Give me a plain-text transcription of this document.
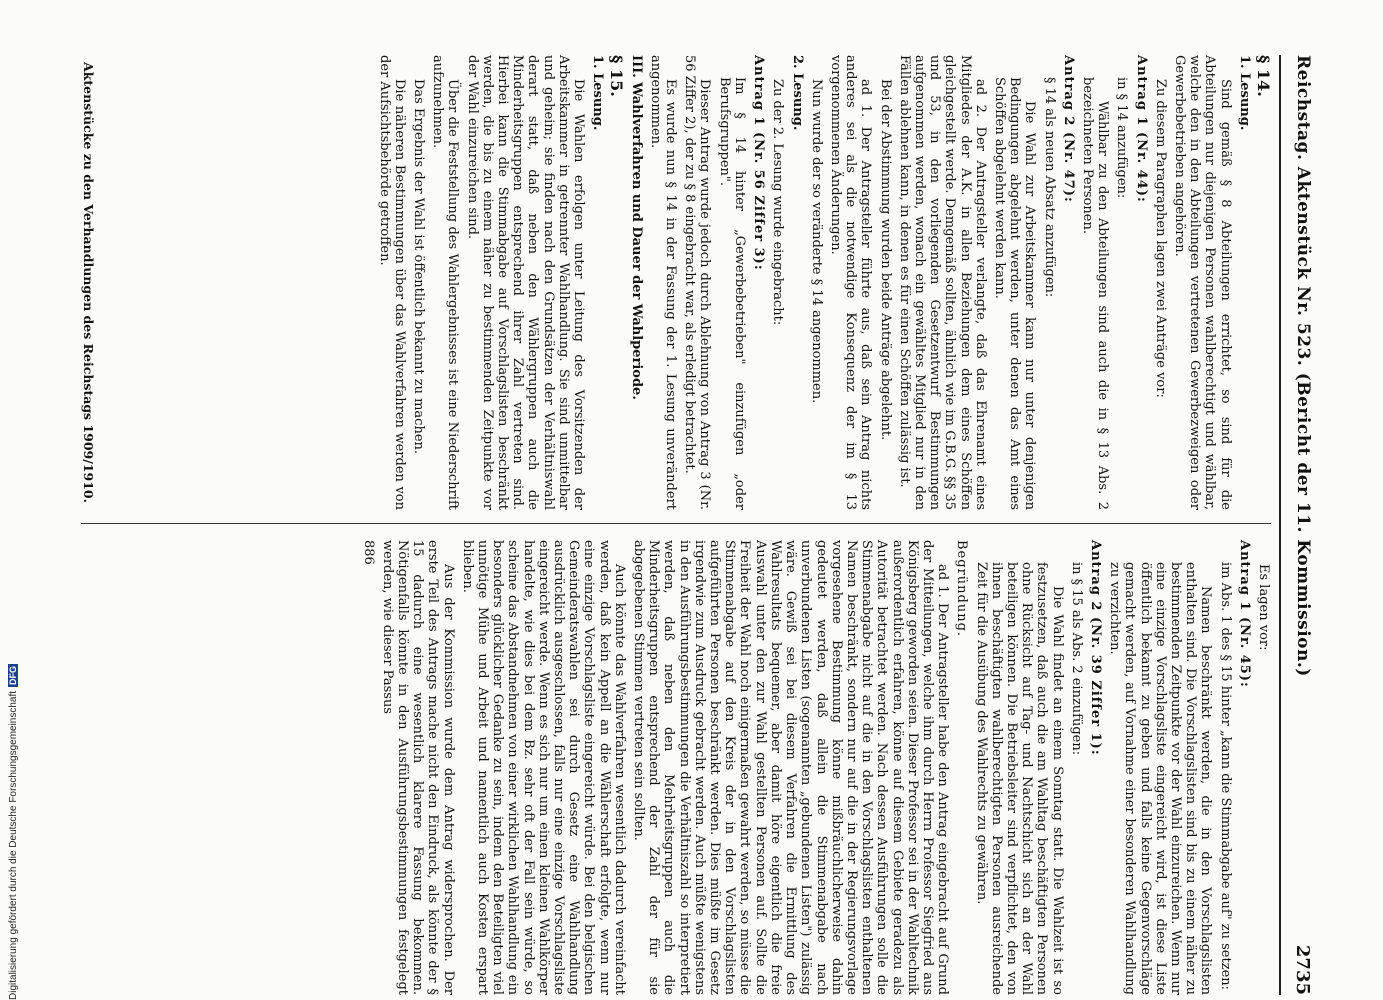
Reichstag. Aktenstück Nr. 523. (Bericht der 11. Kommission.)
2735

§ 14.

1. Lesung.

Sind gemäß § 8 Abteilungen errichtet, so sind für die Abteilungen nur diejenigen Personen wahlberechtigt und wählbar, welche den in den Abteilungen vertretenen Gewerbezweigen oder Gewerbebetrieben angehören.

Zu diesem Paragraphen lagen zwei Anträge vor:

Antrag 1 (Nr. 44):

in § 14 anzufügen:

Wählbar zu den Abteilungen sind auch die in § 13 Abs. 2 bezeichneten Personen.

Antrag 2 (Nr. 47):

§ 14 als neuen Absatz anzufügen:

Die Wahl zur Arbeitskammer kann nur unter denjenigen Bedingungen abgelehnt werden, unter denen das Amt eines Schöffen abgelehnt werden kann.

ad 2. Der Antragsteller verlangte, daß das Ehrenamt eines Mitgliedes der A.K. in allen Beziehungen dem eines Schöffen gleichgestellt werde. Demgemäß sollten, ähnlich wie im G.B.G. §§ 35 und 53, in den vorliegenden Gesetzentwurf Bestimmungen aufgenommen werden, wonach ein gewähltes Mitglied nur in den Fällen ablehnen kann, in denen es für einen Schöffen zulässig ist.

Bei der Abstimmung wurden beide Anträge abgelehnt.

ad 1. Der Antragsteller führte aus, daß sein Antrag nichts anderes sei als die notwendige Konsequenz der im § 13 vorgenommenen Änderungen.

Nun wurde der so veränderte § 14 angenommen.

2. Lesung.

Zu der 2. Lesung wurde eingebracht:

Antrag 1 (Nr. 56 Ziffer 3):

Im § 14 hinter „Gewerbebetrieben" einzufügen „oder Berufsgruppen".

Dieser Antrag wurde jedoch durch Ablehnung von Antrag 3 (Nr. 56 Ziffer 2), der zu § 8 eingebracht war, als erledigt betrachtet.

Es wurde nun § 14 in der Fassung der 1. Lesung unverändert angenommen.

III. Wahlverfahren und Dauer der Wahlperiode.

§ 15.

1. Lesung.

Die Wahlen erfolgen unter Leitung des Vorsitzenden der Arbeitskammer in getrennter Wahlhandlung. Sie sind unmittelbar und geheim; sie finden nach den Grundsätzen der Verhältniswahl derart statt, daß neben den Wählergruppen auch die Minderheitsgruppen entsprechend ihrer Zahl vertreten sind. Hierbei kann die Stimmabgabe auf Vorschlagslisten beschränkt werden, die bis zu einem näher zu bestimmenden Zeitpunkte vor der Wahl einzureichen sind.

Über die Feststellung des Wahlergebnisses ist eine Niederschrift aufzunehmen.

Das Ergebnis der Wahl ist öffentlich bekannt zu machen.

Die näheren Bestimmungen über das Wahlverfahren werden von der Aufsichtsbehörde getroffen.

Aktenstücke zu den Verhandlungen des Reichstags 1909/1910.

Es lagen vor:

Antrag 1 (Nr. 45):

im Abs. 1 des § 15 hinter „kann die Stimmabgabe auf" zu setzen:

Namen beschränkt werden, die in den Vorschlagslisten enthalten sind. Die Vorschlagslisten sind bis zu einem näher zu bestimmenden Zeitpunkte vor der Wahl einzureichen. Wenn nur eine einzige Vorschlagsliste eingereicht wird, ist diese Liste öffentlich bekannt zu geben und falls keine Gegenvorschläge gemacht werden, auf Vornahme einer besonderen Wahlhandlung zu verzichten.

Antrag 2 (Nr. 39 Ziffer 1):

in § 15 als Abs. 2 einzufügen:

Die Wahl findet an einem Sonntag statt. Die Wahlzeit ist so festzusetzen, daß auch die am Wahltag beschäftigten Personen ohne Rücksicht auf Tag- und Nachtschicht sich an der Wahl beteiligen können. Die Betriebsleiter sind verpflichtet, den von ihnen beschäftigten wahlberechtigten Personen ausreichende Zeit für die Ausübung des Wahlrechts zu gewähren.

Begründung.

ad 1. Der Antragsteller habe den Antrag eingebracht auf Grund der Mitteilungen, welche ihm durch Herrn Professor Siegfried aus Königsberg geworden seien. Dieser Professor sei in der Wahltechnik außerordentlich erfahren, könne auf diesem Gebiete geradezu als Autorität betrachtet werden. Nach dessen Ausführungen solle die Stimmenabgabe nicht auf die in den Vorschlagslisten enthaltenen Namen beschränkt, sondern nur auf die in der Regierungsvorlage vorgesehene Bestimmung könne mißbräuchlicherweise dahin gedeutet werden, daß allein die Stimmenabgabe nach unverbundenen Listen (sogenannten „gebundenen Listen") zulässig wäre. Gewiß sei bei diesem Verfahren die Ermittlung des Wahlresultats bequemer, aber damit höre eigentlich die freie Auswahl unter den zur Wahl gestellten Personen auf. Sollte die Freiheit der Wahl noch einigermaßen gewahrt werden, so müsse die Stimmenabgabe auf den Kreis der in den Vorschlagslisten aufgeführten Personen beschränkt werden. Dies müßte im Gesetz irgendwie zum Ausdruck gebracht werden. Auch müßte wenigstens in den Ausführungsbestimmungen die Verhältniszahl so interpretiert werden, daß neben den Mehrheitsgruppen auch die Minderheitsgruppen entsprechend der Zahl der für sie abgegebenen Stimmen vertreten sein sollten.

Auch könnte das Wahlverfahren wesentlich dadurch vereinfacht werden, daß kein Appell an die Wählerschaft erfolgte, wenn nur eine einzige Vorschlagsliste eingereicht würde. Bei den belgischen Gemeinderatswahlen sei durch Gesetz eine Wahlhandlung ausdrücklich ausgeschlossen, falls nur eine einzige Vorschlagsliste eingereicht werde. Wenn es sich nur um einen kleinen Wahlkörper handelte, wie dies bei dem Bz. sehr oft der Fall sein würde, so scheine das Abstandnehmen von einer wirklichen Wahlhandlung ein besonders glücklicher Gedanke zu sein, indem den Beteiligten viel unnötige Mühe und Arbeit und namentlich auch Kosten erspart blieben.

Aus der Kommission wurde dem Antrag widersprochen. Der erste Teil des Antrags mache nicht den Eindruck, als könnte der § 15 dadurch eine wesentlich klarere Fassung bekommen. Nötigenfalls könnte in den Ausführungsbestimmungen festgelegt werden, wie dieser Passus

886

Digitalisierung gefördert durch die Deutsche ForschungsgemeinschaftDFG
